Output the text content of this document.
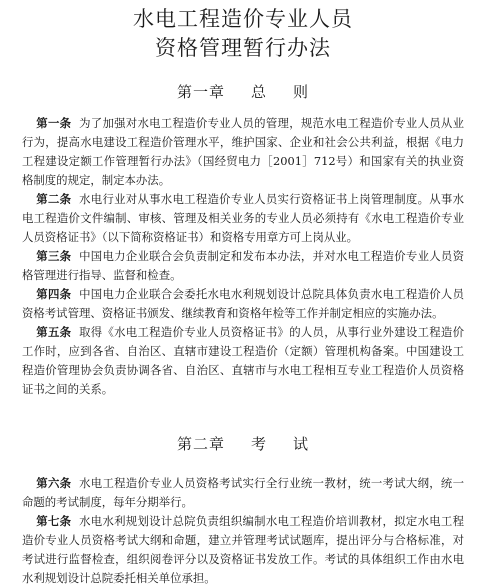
水电工程造价专业人员
资格管理暂行办法
第一章 总 则

第一条 为了加强对水电工程造价专业人员的管理，规范水电工程造价专业人员从业行为，提高水电建设工程造价管理水平，维护国家、企业和社会公共利益，根据《电力工程建设定额工作管理暂行办法》（国经贸电力［2001］712号）和国家有关的执业资格制度的规定，制定本办法。

第二条 水电行业对从事水电工程造价专业人员实行资格证书上岗管理制度。从事水电工程造价文件编制、审核、管理及相关业务的专业人员必须持有《水电工程造价专业人员资格证书》（以下简称资格证书）和资格专用章方可上岗从业。

第三条 中国电力企业联合会负责制定和发布本办法，并对水电工程造价专业人员资格管理进行指导、监督和检查。

第四条 中国电力企业联合会委托水电水利规划设计总院具体负责水电工程造价人员资格考试管理、资格证书颁发、继续教育和资格年检等工作并制定相应的实施办法。

第五条 取得《水电工程造价专业人员资格证书》的人员，从事行业外建设工程造价工作时，应到各省、自治区、直辖市建设工程造价（定额）管理机构备案。中国建设工程造价管理协会负责协调各省、自治区、直辖市与水电工程相互专业工程造价人员资格证书之间的关系。

第二章 考 试

第六条 水电工程造价专业人员资格考试实行全行业统一教材，统一考试大纲，统一命题的考试制度，每年分期举行。

第七条 水电水利规划设计总院负责组织编制水电工程造价培训教材，拟定水电工程造价专业人员资格考试大纲和命题，建立并管理考试试题库，提出评分与合格标准，对考试进行监督检查，组织阅卷评分以及资格证书发放工作。考试的具体组织工作由水电水利规划设计总院委托相关单位承担。
